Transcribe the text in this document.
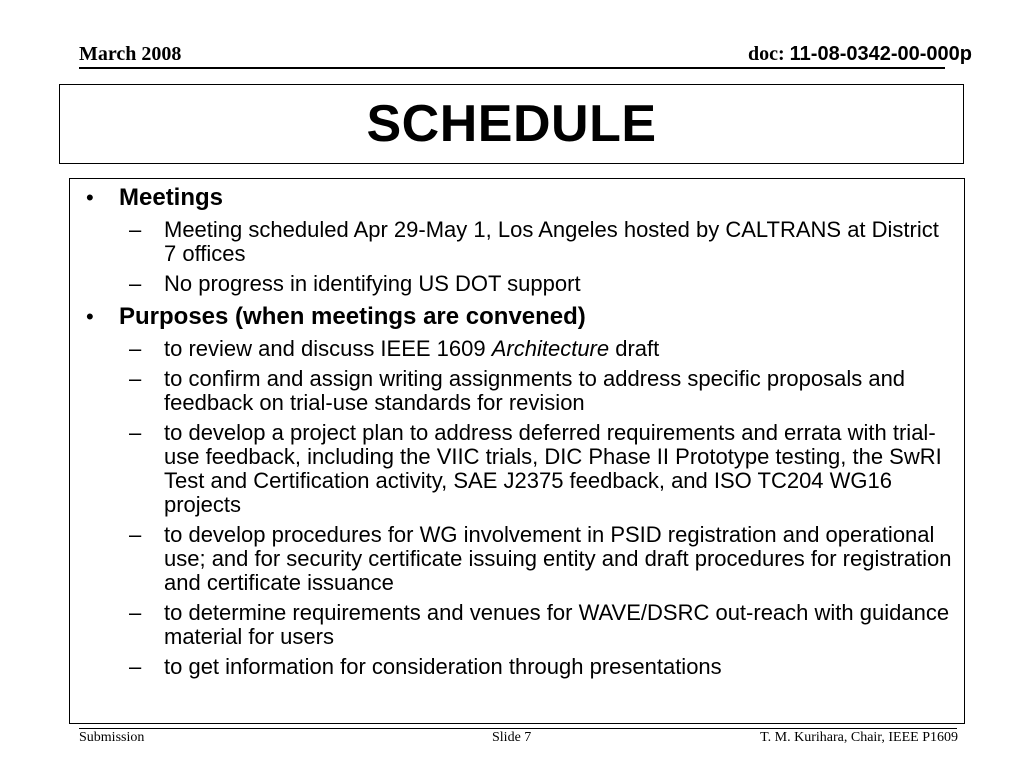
March 2008	doc: 11-08-0342-00-000p
SCHEDULE
• Meetings
– Meeting scheduled Apr 29-May 1, Los Angeles hosted by CALTRANS at District 7 offices
– No progress in identifying US DOT support
• Purposes (when meetings are convened)
– to review and discuss IEEE 1609 Architecture draft
– to confirm and assign writing assignments to address specific proposals and feedback on trial-use standards for revision
– to develop a project plan to address deferred requirements and errata with trial-use feedback, including the VIIC trials, DIC Phase II Prototype testing, the SwRI Test and Certification activity, SAE J2375 feedback, and ISO TC204 WG16 projects
– to develop procedures for WG involvement in PSID registration and operational use; and for security certificate issuing entity and draft procedures for registration and certificate issuance
– to determine requirements and venues for WAVE/DSRC out-reach with guidance material for users
– to get information for consideration through presentations
Submission	Slide 7	T. M. Kurihara, Chair, IEEE P1609
